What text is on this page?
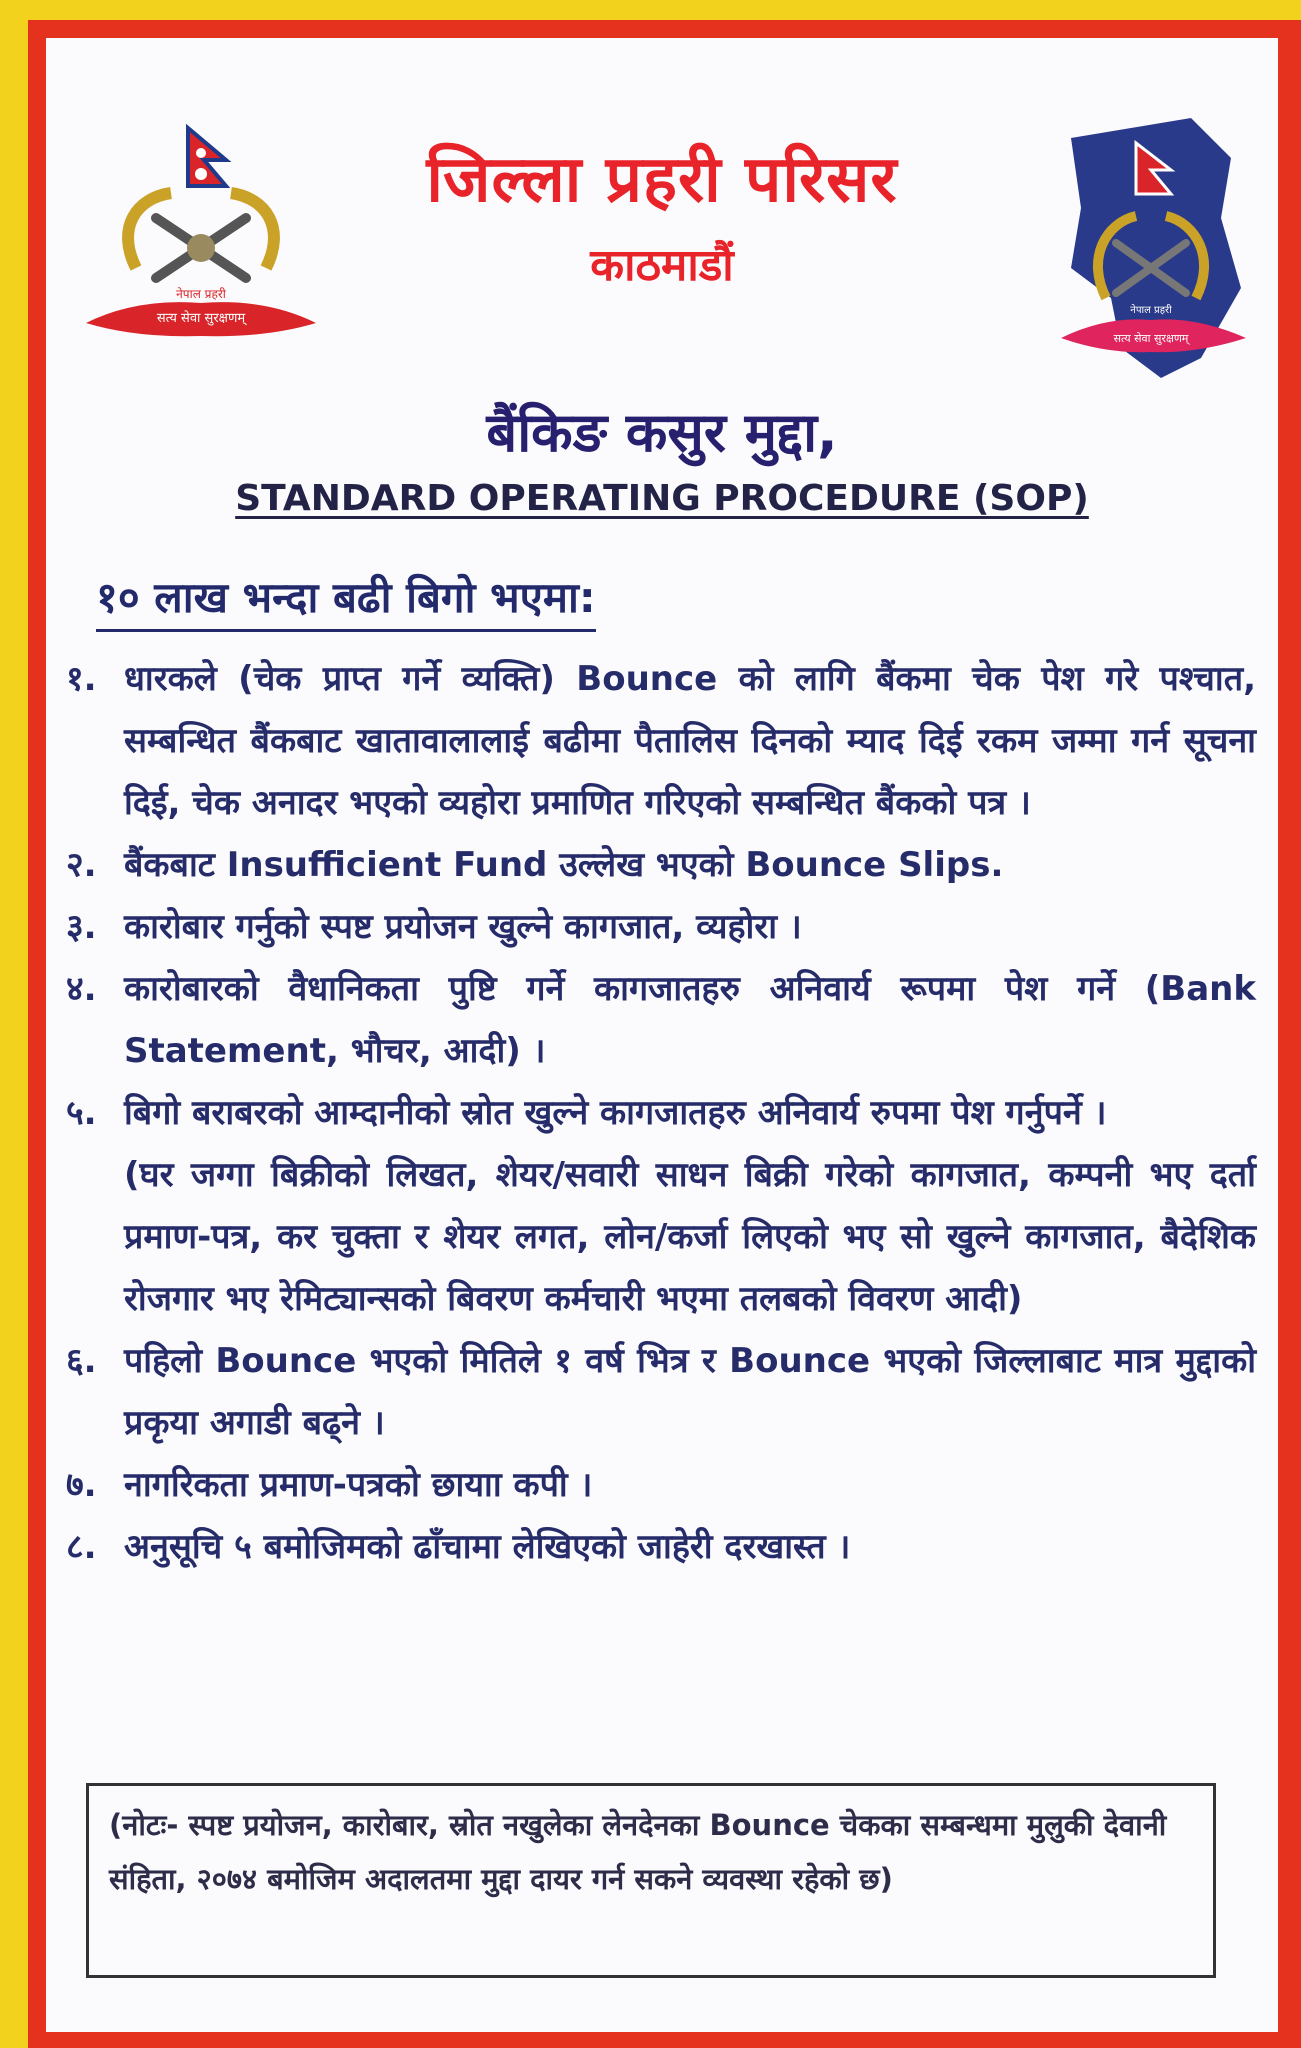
सत्य सेवा सुरक्षणम्
नेपाल प्रहरी
सत्य सेवा सुरक्षणम्
नेपाल प्रहरी
जिल्ला प्रहरी परिसर
काठमाडौं
बैंकिङ कसुर मुद्दा,
STANDARD OPERATING PROCEDURE (SOP)
१० लाख भन्दा बढी बिगो भएमा:
१. धारकले (चेक प्राप्त गर्ने व्यक्ति) Bounce को लागि बैंकमा चेक पेश गरे पश्चात, सम्बन्धित बैंकबाट खातावालालाई बढीमा पैतालिस दिनको म्याद दिई रकम जम्मा गर्न सूचना दिई, चेक अनादर भएको व्यहोरा प्रमाणित गरिएको सम्बन्धित बैंकको पत्र ।
२. बैंकबाट Insufficient Fund उल्लेख भएको Bounce Slips.
३. कारोबार गर्नुको स्पष्ट प्रयोजन खुल्ने कागजात, व्यहोरा ।
४. कारोबारको वैधानिकता पुष्टि गर्ने कागजातहरु अनिवार्य रूपमा पेश गर्ने (Bank Statement, भौचर, आदी) ।
५. बिगो बराबरको आम्दानीको स्रोत खुल्ने कागजातहरु अनिवार्य रुपमा पेश गर्नुपर्ने ।
(घर जग्गा बिक्रीको लिखत, शेयर/सवारी साधन बिक्री गरेको कागजात, कम्पनी भए दर्ता प्रमाण-पत्र, कर चुक्ता र शेयर लगत, लोन/कर्जा लिएको भए सो खुल्ने कागजात, बैदेशिक रोजगार भए रेमिट्यान्सको बिवरण कर्मचारी भएमा तलबको विवरण आदी)
६. पहिलो Bounce भएको मितिले १ वर्ष भित्र र Bounce भएको जिल्लाबाट मात्र मुद्दाको प्रकृया अगाडी बढ्ने ।
७. नागरिकता प्रमाण-पत्रको छायाा कपी ।
८. अनुसूचि ५ बमोजिमको ढाँचामा लेखिएको जाहेरी दरखास्त ।
(नोटः- स्पष्ट प्रयोजन, कारोबार, स्रोत नखुलेका लेनदेनका Bounce चेकका सम्बन्धमा मुलुकी देवानी संहिता, २०७४ बमोजिम अदालतमा मुद्दा दायर गर्न सकने व्यवस्था रहेको छ)
